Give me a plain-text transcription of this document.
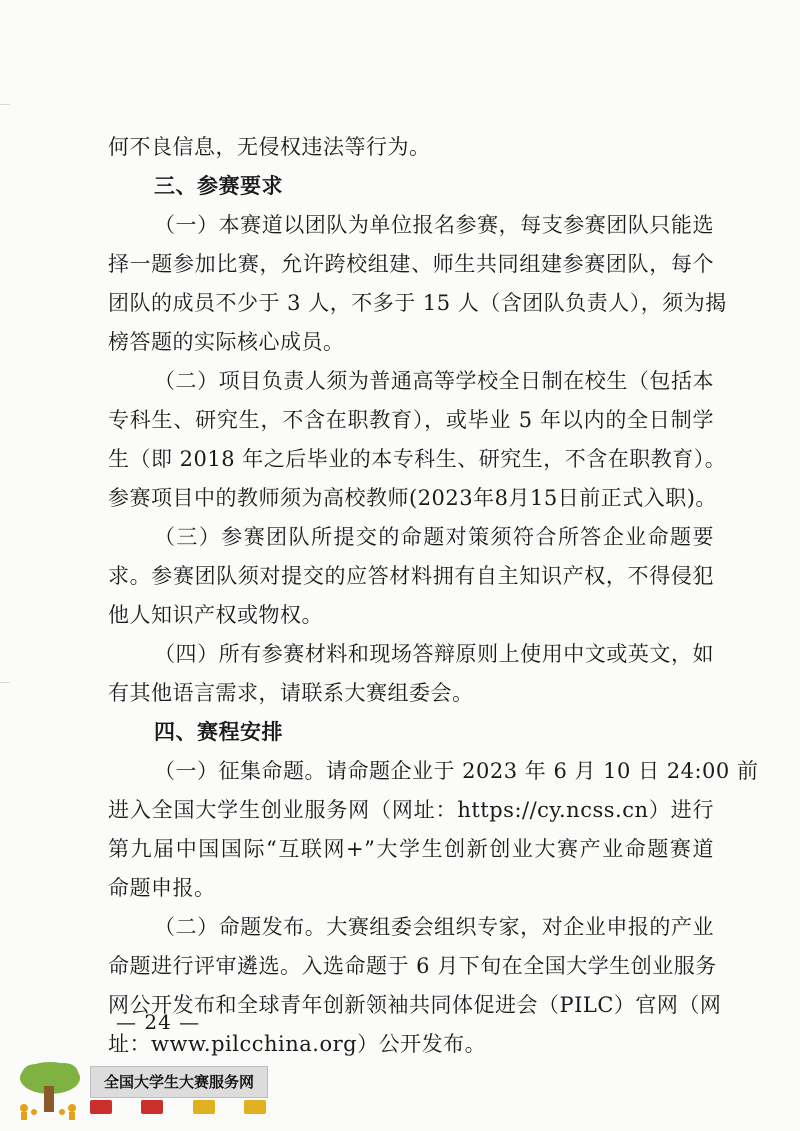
何不良信息，无侵权违法等行为。
三、参赛要求
（一）本赛道以团队为单位报名参赛，每支参赛团队只能选
择一题参加比赛，允许跨校组建、师生共同组建参赛团队，每个
团队的成员不少于 3 人，不多于 15 人（含团队负责人），须为揭
榜答题的实际核心成员。
（二）项目负责人须为普通高等学校全日制在校生（包括本
专科生、研究生，不含在职教育），或毕业 5 年以内的全日制学
生（即 2018 年之后毕业的本专科生、研究生，不含在职教育）。
参赛项目中的教师须为高校教师(2023年8月15日前正式入职)。
（三）参赛团队所提交的命题对策须符合所答企业命题要
求。参赛团队须对提交的应答材料拥有自主知识产权，不得侵犯
他人知识产权或物权。
（四）所有参赛材料和现场答辩原则上使用中文或英文，如
有其他语言需求，请联系大赛组委会。
四、赛程安排
（一）征集命题。请命题企业于 2023 年 6 月 10 日 24:00 前
进入全国大学生创业服务网（网址：https://cy.ncss.cn）进行
第九届中国国际“互联网+”大学生创新创业大赛产业命题赛道
命题申报。
（二）命题发布。大赛组委会组织专家，对企业申报的产业
命题进行评审遴选。入选命题于 6 月下旬在全国大学生创业服务
网公开发布和全球青年创新领袖共同体促进会（PILC）官网（网
址：www.pilcchina.org）公开发布。
— 24 —
全国大学生大赛服务网
